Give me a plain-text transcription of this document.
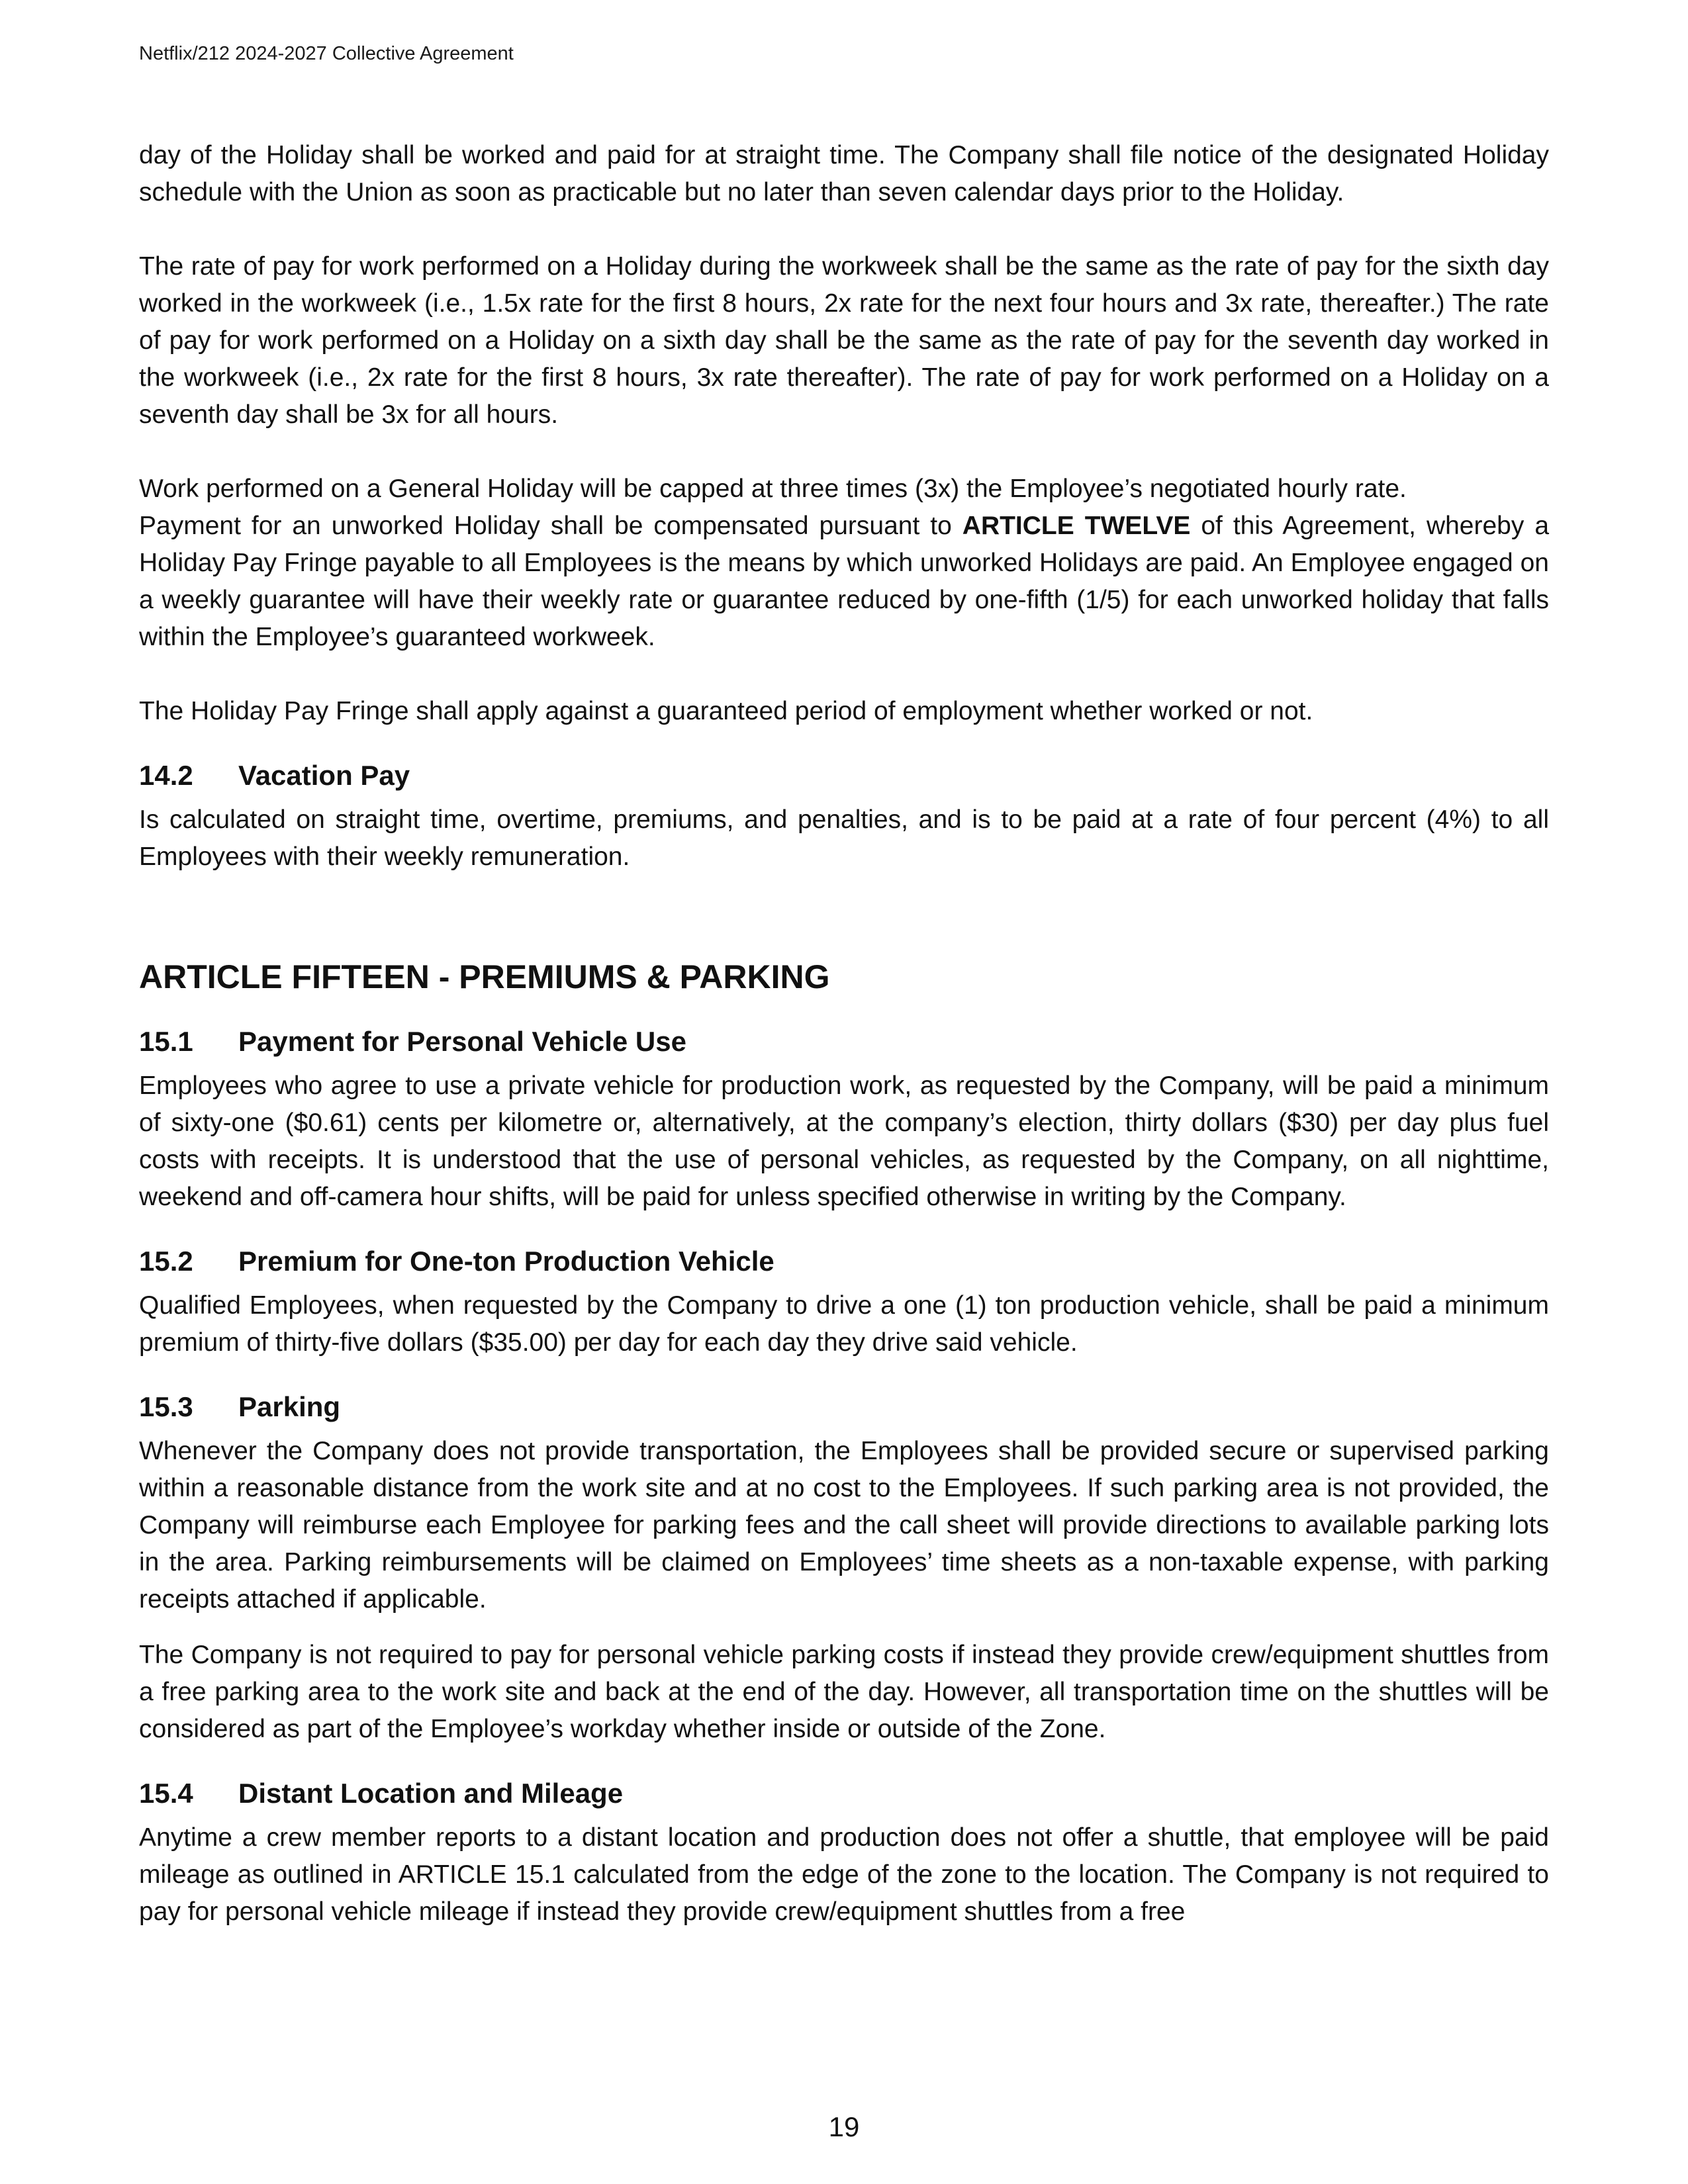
Netflix/212 2024-2027 Collective Agreement

day of the Holiday shall be worked and paid for at straight time. The Company shall file notice of the designated Holiday schedule with the Union as soon as practicable but no later than seven calendar days prior to the Holiday.

The rate of pay for work performed on a Holiday during the workweek shall be the same as the rate of pay for the sixth day worked in the workweek (i.e., 1.5x rate for the first 8 hours, 2x rate for the next four hours and 3x rate, thereafter.) The rate of pay for work performed on a Holiday on a sixth day shall be the same as the rate of pay for the seventh day worked in the workweek (i.e., 2x rate for the first 8 hours, 3x rate thereafter). The rate of pay for work performed on a Holiday on a seventh day shall be 3x for all hours.

Work performed on a General Holiday will be capped at three times (3x) the Employee’s negotiated hourly rate.

Payment for an unworked Holiday shall be compensated pursuant to ARTICLE TWELVE of this Agreement, whereby a Holiday Pay Fringe payable to all Employees is the means by which unworked Holidays are paid. An Employee engaged on a weekly guarantee will have their weekly rate or guarantee reduced by one-fifth (1/5) for each unworked holiday that falls within the Employee’s guaranteed workweek.

The Holiday Pay Fringe shall apply against a guaranteed period of employment whether worked or not.

14.2	Vacation Pay

Is calculated on straight time, overtime, premiums, and penalties, and is to be paid at a rate of four percent (4%) to all Employees with their weekly remuneration.

ARTICLE FIFTEEN - PREMIUMS & PARKING
15.1	Payment for Personal Vehicle Use

Employees who agree to use a private vehicle for production work, as requested by the Company, will be paid a minimum of sixty-one ($0.61) cents per kilometre or, alternatively, at the company’s election, thirty dollars ($30) per day plus fuel costs with receipts. It is understood that the use of personal vehicles, as requested by the Company, on all nighttime, weekend and off-camera hour shifts, will be paid for unless specified otherwise in writing by the Company.

15.2	Premium for One-ton Production Vehicle

Qualified Employees, when requested by the Company to drive a one (1) ton production vehicle, shall be paid a minimum premium of thirty-five dollars ($35.00) per day for each day they drive said vehicle.

15.3	Parking

Whenever the Company does not provide transportation, the Employees shall be provided secure or supervised parking within a reasonable distance from the work site and at no cost to the Employees. If such parking area is not provided, the Company will reimburse each Employee for parking fees and the call sheet will provide directions to available parking lots in the area. Parking reimbursements will be claimed on Employees’ time sheets as a non-taxable expense, with parking receipts attached if applicable.

The Company is not required to pay for personal vehicle parking costs if instead they provide crew/equipment shuttles from a free parking area to the work site and back at the end of the day. However, all transportation time on the shuttles will be considered as part of the Employee’s workday whether inside or outside of the Zone.

15.4	Distant Location and Mileage

Anytime a crew member reports to a distant location and production does not offer a shuttle, that employee will be paid mileage as outlined in ARTICLE 15.1 calculated from the edge of the zone to the location. The Company is not required to pay for personal vehicle mileage if instead they provide crew/equipment shuttles from a free

19
